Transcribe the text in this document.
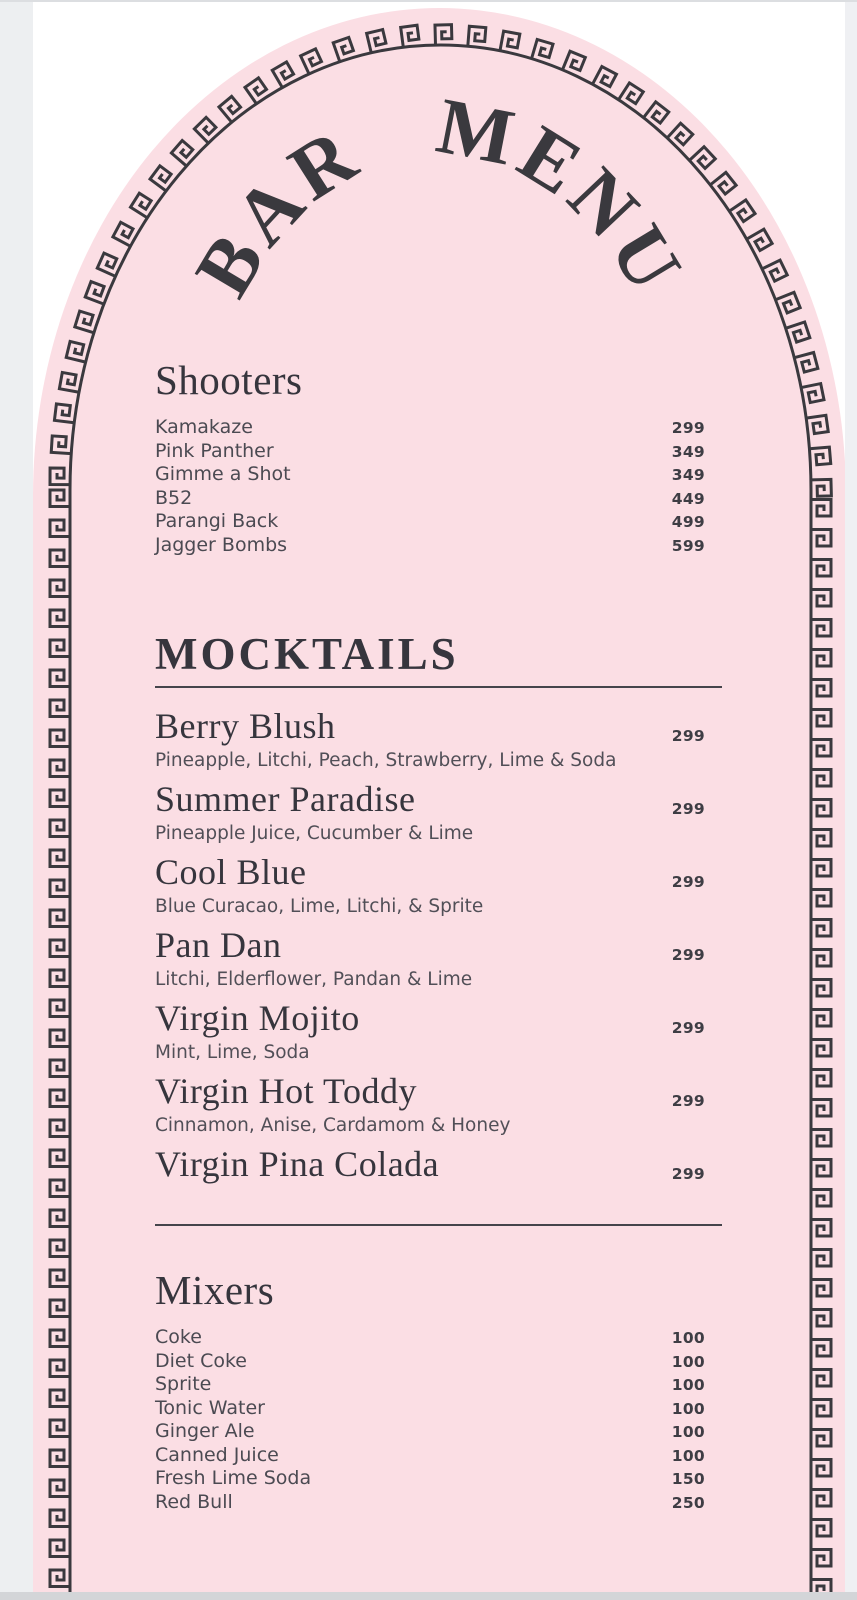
BAR MENU
Shooters
Kamakaze	299
Pink Panther	349
Gimme a Shot	349
B52	449
Parangi Back	499
Jagger Bombs	599
MOCKTAILS
Berry Blush	299
Pineapple, Litchi, Peach, Strawberry, Lime & Soda
Summer Paradise	299
Pineapple Juice, Cucumber & Lime
Cool Blue	299
Blue Curacao, Lime, Litchi, & Sprite
Pan Dan	299
Litchi, Elderflower, Pandan & Lime
Virgin Mojito	299
Mint, Lime, Soda
Virgin Hot Toddy	299
Cinnamon, Anise, Cardamom & Honey
Virgin Pina Colada	299
Mixers
Coke	100
Diet Coke	100
Sprite	100
Tonic Water	100
Ginger Ale	100
Canned Juice	100
Fresh Lime Soda	150
Red Bull	250
